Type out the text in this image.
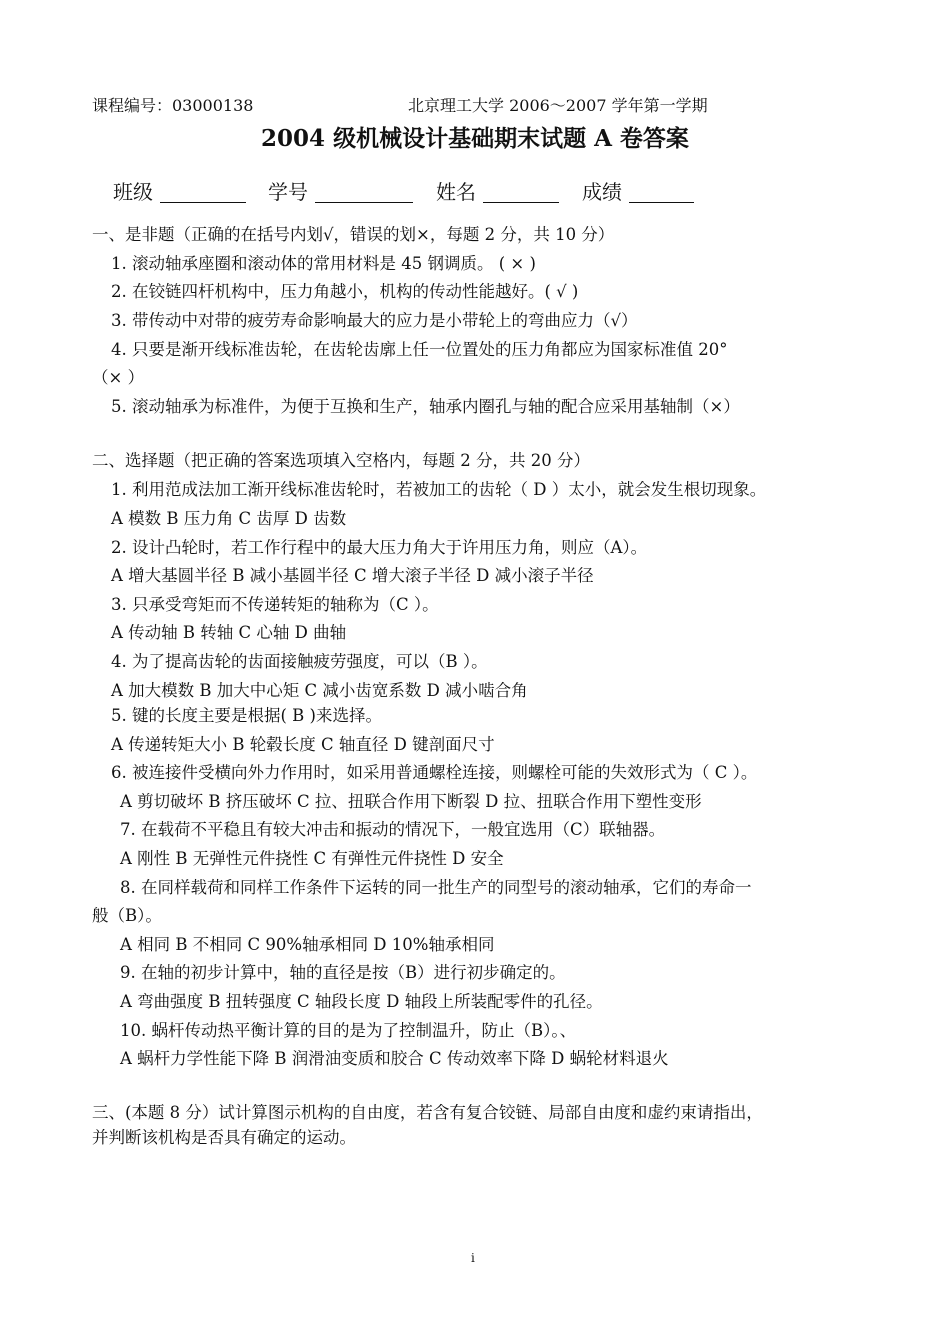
课程编号：03000138	北京理工大学 2006～2007 学年第一学期
2004 级机械设计基础期末试题 A 卷答案
班级	学号	姓名	成绩
一、是非题（正确的在括号内划√，错误的划×，每题 2 分，共 10 分）
1. 滚动轴承座圈和滚动体的常用材料是 45 钢调质。 ( × )
2. 在铰链四杆机构中，压力角越小，机构的传动性能越好。( √ )
3. 带传动中对带的疲劳寿命影响最大的应力是小带轮上的弯曲应力（√）
4. 只要是渐开线标准齿轮，在齿轮齿廓上任一位置处的压力角都应为国家标准值 20°
（× ）
5. 滚动轴承为标准件，为便于互换和生产，轴承内圈孔与轴的配合应采用基轴制（×）
二、选择题（把正确的答案选项填入空格内，每题 2 分，共 20 分）
1. 利用范成法加工渐开线标准齿轮时，若被加工的齿轮（ D ）太小，就会发生根切现象。
A 模数 B 压力角 C 齿厚 D 齿数
2. 设计凸轮时，若工作行程中的最大压力角大于许用压力角，则应（A）。
A 增大基圆半径 B 减小基圆半径 C 增大滚子半径 D 减小滚子半径
3. 只承受弯矩而不传递转矩的轴称为（C ）。
A 传动轴 B 转轴 C 心轴 D 曲轴
4. 为了提高齿轮的齿面接触疲劳强度，可以（B ）。
A 加大模数 B 加大中心矩 C 减小齿宽系数 D 减小啮合角
5. 键的长度主要是根据( B )来选择。
A 传递转矩大小 B 轮毂长度 C 轴直径 D 键剖面尺寸
6. 被连接件受横向外力作用时，如采用普通螺栓连接，则螺栓可能的失效形式为（ C ）。
A 剪切破坏 B 挤压破坏 C 拉、扭联合作用下断裂 D 拉、扭联合作用下塑性变形
7. 在载荷不平稳且有较大冲击和振动的情况下，一般宜选用（C）联轴器。
A 刚性 B 无弹性元件挠性 C 有弹性元件挠性 D 安全
8. 在同样载荷和同样工作条件下运转的同一批生产的同型号的滚动轴承，它们的寿命一
般（B）。
A 相同 B 不相同 C 90%轴承相同 D 10%轴承相同
9. 在轴的初步计算中，轴的直径是按（B）进行初步确定的。
A 弯曲强度 B 扭转强度 C 轴段长度 D 轴段上所装配零件的孔径。
10. 蜗杆传动热平衡计算的目的是为了控制温升，防止（B）。、
A 蜗杆力学性能下降 B 润滑油变质和胶合 C 传动效率下降 D 蜗轮材料退火
三、(本题 8 分）试计算图示机构的自由度，若含有复合铰链、局部自由度和虚约束请指出，
并判断该机构是否具有确定的运动。
i
